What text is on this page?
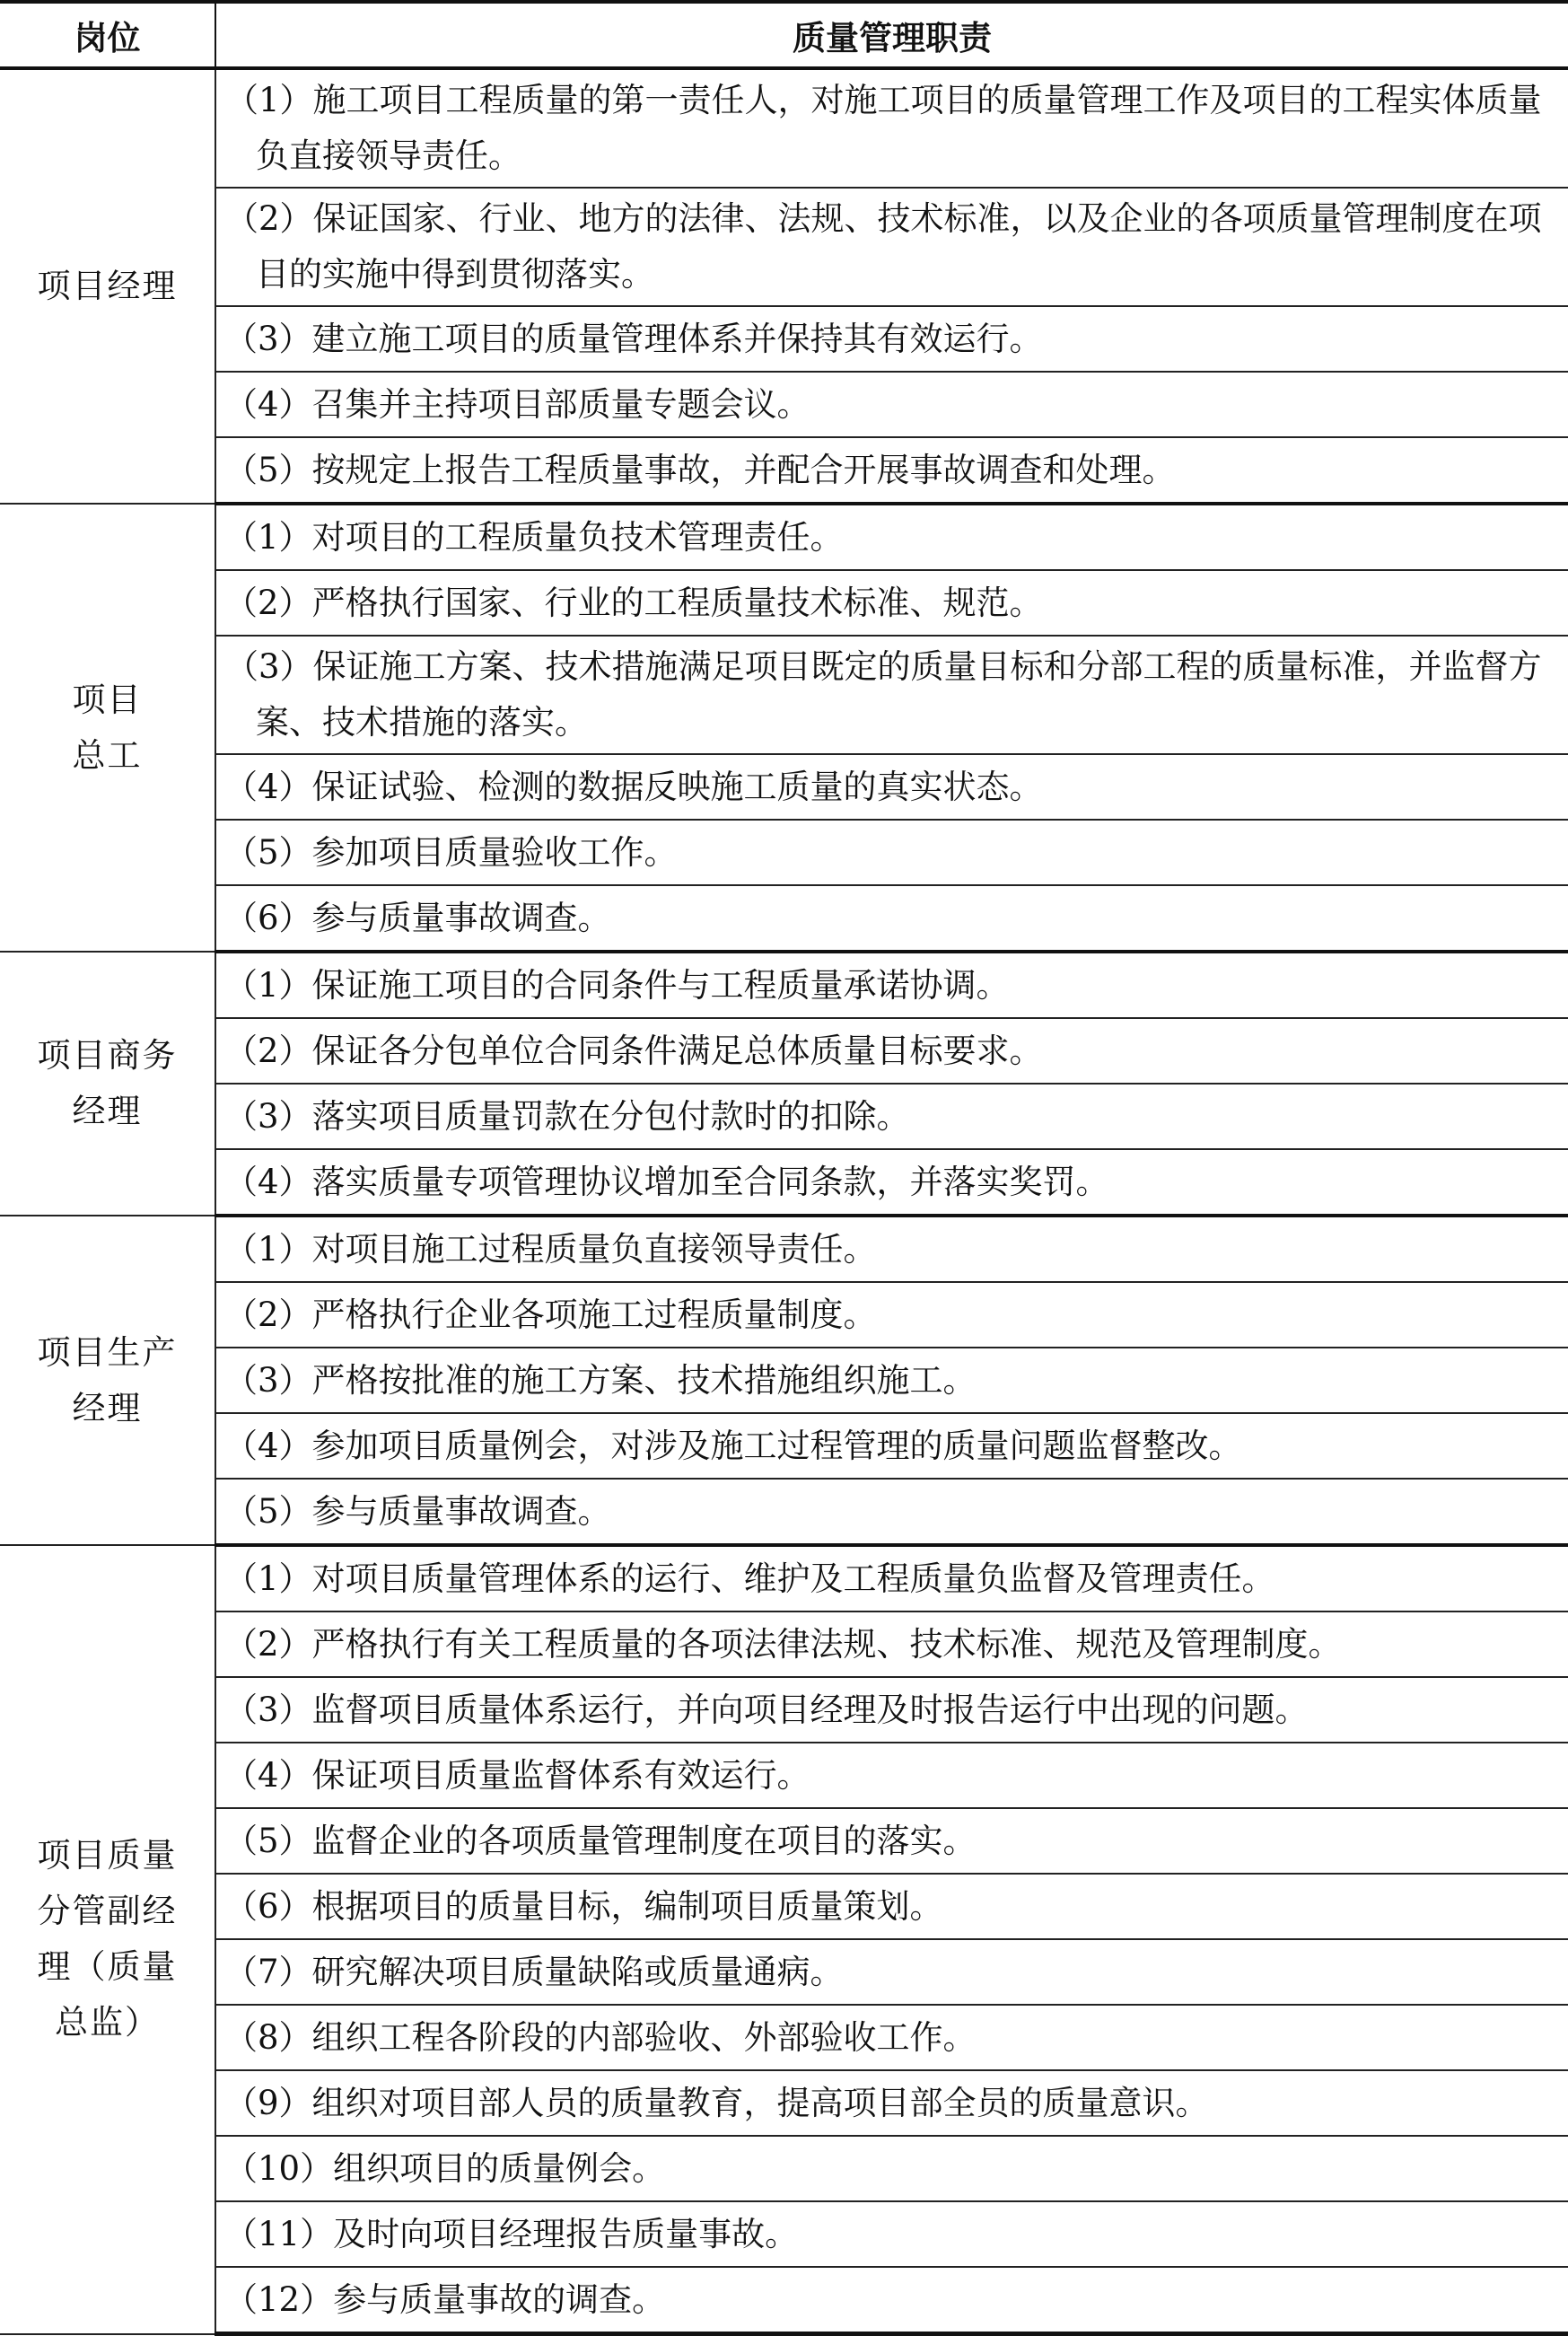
岗位	质量管理职责
项目经理	（1）施工项目工程质量的第一责任人，对施工项目的质量管理工作及项目的工程实体质量负直接领导责任。
	（2）保证国家、行业、地方的法律、法规、技术标准，以及企业的各项质量管理制度在项目的实施中得到贯彻落实。
	（3）建立施工项目的质量管理体系并保持其有效运行。
	（4）召集并主持项目部质量专题会议。
	（5）按规定上报告工程质量事故，并配合开展事故调查和处理。

项目总工	（1）对项目的工程质量负技术管理责任。
	（2）严格执行国家、行业的工程质量技术标准、规范。
	（3）保证施工方案、技术措施满足项目既定的质量目标和分部工程的质量标准，并监督方案、技术措施的落实。
	（4）保证试验、检测的数据反映施工质量的真实状态。
	（5）参加项目质量验收工作。
	（6）参与质量事故调查。

项目商务经理	（1）保证施工项目的合同条件与工程质量承诺协调。
	（2）保证各分包单位合同条件满足总体质量目标要求。
	（3）落实项目质量罚款在分包付款时的扣除。
	（4）落实质量专项管理协议增加至合同条款，并落实奖罚。

项目生产经理	（1）对项目施工过程质量负直接领导责任。
	（2）严格执行企业各项施工过程质量制度。
	（3）严格按批准的施工方案、技术措施组织施工。
	（4）参加项目质量例会，对涉及施工过程管理的质量问题监督整改。
	（5）参与质量事故调查。

项目质量分管副经理（质量总监）	（1）对项目质量管理体系的运行、维护及工程质量负监督及管理责任。
	（2）严格执行有关工程质量的各项法律法规、技术标准、规范及管理制度。
	（3）监督项目质量体系运行，并向项目经理及时报告运行中出现的问题。
	（4）保证项目质量监督体系有效运行。
	（5）监督企业的各项质量管理制度在项目的落实。
	（6）根据项目的质量目标，编制项目质量策划。
	（7）研究解决项目质量缺陷或质量通病。
	（8）组织工程各阶段的内部验收、外部验收工作。
	（9）组织对项目部人员的质量教育，提高项目部全员的质量意识。
	（10）组织项目的质量例会。
	（11）及时向项目经理报告质量事故。
	（12）参与质量事故的调查。
